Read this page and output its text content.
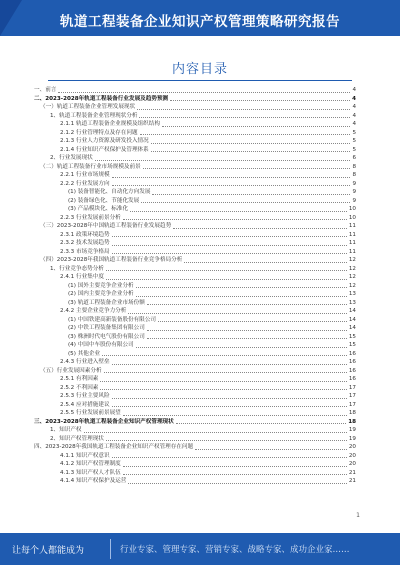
轨道工程装备企业知识产权管理策略研究报告
内容目录
一、前言	4
二、2023-2028年轨道工程装备行业发展及趋势预测	4
（一）轨道工程装备企业管理发展现状	4
1、轨道工程装备企业管理现状分析	4
2.1.1 轨道工程装备企业规模及组织结构	4
2.1.2 行业管理特点及存在问题	5
2.1.3 行业人力资源及研发投入情况	5
2.1.4 行业知识产权保护及管理体系	5
2、行业发展现状	6
（二）轨道工程装备行业市场规模及前景	8
2.2.1 行业市场规模	8
2.2.2 行业发展方向	9
(1) 装备智能化、自动化方向发展	9
(2) 装备绿色化、节能化发展	9
(3) 产品模块化、标准化	10
2.2.3 行业发展前景分析	10
（三）2023-2028年中国轨道工程装备行业发展趋势	11
2.3.1 政策环境趋势	11
2.3.2 技术发展趋势	11
2.3.3 市场竞争格局	11
（四）2023-2028年我国轨道工程装备行业竞争格局分析	12
1、行业竞争态势分析	12
2.4.1 行业集中度	12
(1) 国外主要竞争企业分析	12
(2) 国内主要竞争企业分析	13
(3) 轨道工程装备企业市场份额	13
2.4.2 主要企业竞争力分析	14
(1) 中国铁建高新装备股份有限公司	14
(2) 中铁工程装备集团有限公司	14
(3) 株洲时代电气股份有限公司	15
(4) 中国中车股份有限公司	15
(5) 其他企业	16
2.4.3 行业进入壁垒	16
（五）行业发展因素分析	16
2.5.1 有利因素	16
2.5.2 不利因素	17
2.5.3 行业主要风险	17
2.5.4 应对措施建议	17
2.5.5 行业发展前景展望	18
三、2023-2028年轨道工程装备企业知识产权管理现状	18
1、知识产权	19
2、知识产权管理现状	19
四、2023-2028年我国轨道工程装备企业知识产权管理存在问题	20
4.1.1 知识产权意识	20
4.1.2 知识产权管理制度	20
4.1.3 知识产权人才队伍	21
4.1.4 知识产权保护及运营	21
1
让每个人都能成为	行业专家、管理专家、营销专家、战略专家、成功企业家……
